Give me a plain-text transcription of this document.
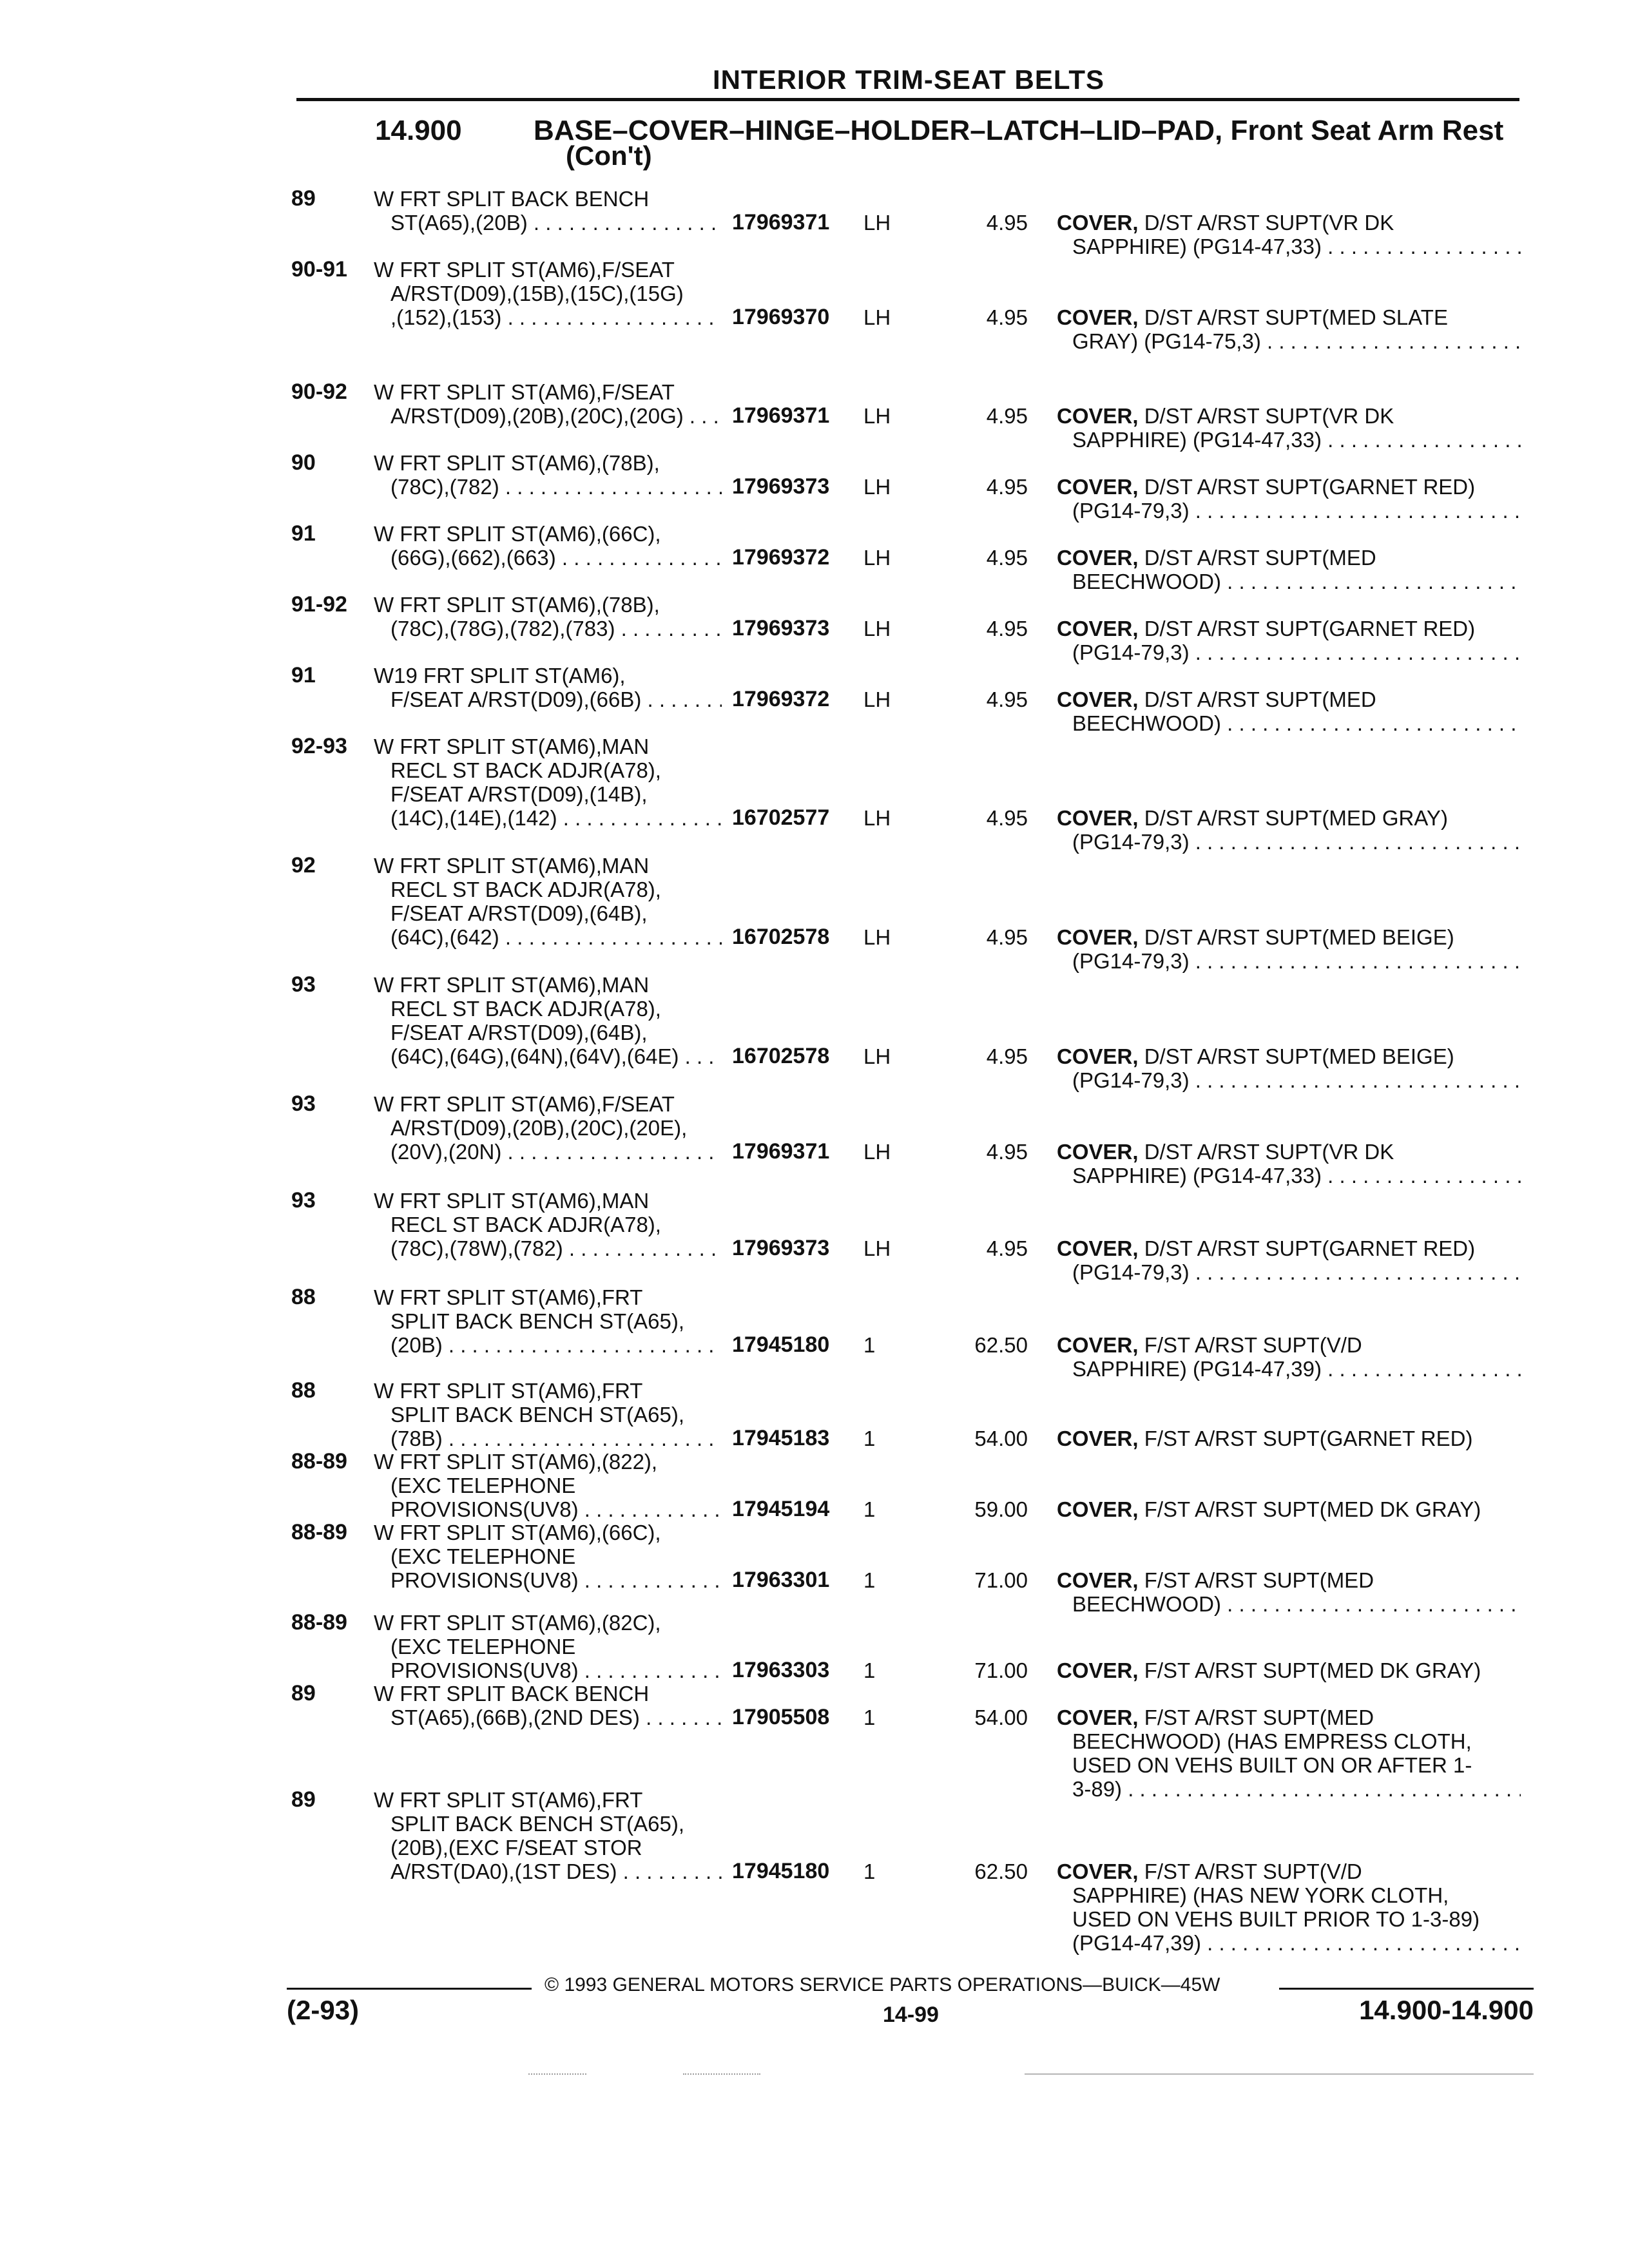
INTERIOR TRIM-SEAT BELTS
14.900	BASE–COVER–HINGE–HOLDER–LATCH–LID–PAD, Front Seat Arm Rest
(Con't)
89	W FRT SPLIT BACK BENCH
ST(A65),(20B) . . .	17969371	LH	4.95 COVER, D/ST A/RST SUPT(VR DK
SAPPHIRE) (PG14-47,33) . . .
90-91	W FRT SPLIT ST(AM6),F/SEAT
A/RST(D09),(15B),(15C),(15G)
,(152),(153) . . .	17969370	LH	4.95 COVER, D/ST A/RST SUPT(MED SLATE
GRAY) (PG14-75,3) . . .
90-92	W FRT SPLIT ST(AM6),F/SEAT
A/RST(D09),(20B),(20C),(20G) . . .	17969371	LH	4.95 COVER, D/ST A/RST SUPT(VR DK
SAPPHIRE) (PG14-47,33) . . .
90	W FRT SPLIT ST(AM6),(78B),
(78C),(782) . . .	17969373	LH	4.95 COVER, D/ST A/RST SUPT(GARNET RED)
(PG14-79,3) . . .
91	W FRT SPLIT ST(AM6),(66C),
(66G),(662),(663) . . .	17969372	LH	4.95 COVER, D/ST A/RST SUPT(MED
BEECHWOOD) . . .
91-92	W FRT SPLIT ST(AM6),(78B),
(78C),(78G),(782),(783) . . .	17969373	LH	4.95 COVER, D/ST A/RST SUPT(GARNET RED)
(PG14-79,3) . . .
91	W19 FRT SPLIT ST(AM6),
F/SEAT A/RST(D09),(66B) . . .	17969372	LH	4.95 COVER, D/ST A/RST SUPT(MED
BEECHWOOD) . . .
92-93	W FRT SPLIT ST(AM6),MAN
RECL ST BACK ADJR(A78),
F/SEAT A/RST(D09),(14B),
(14C),(14E),(142) . . .	16702577	LH	4.95 COVER, D/ST A/RST SUPT(MED GRAY)
(PG14-79,3) . . .
92	W FRT SPLIT ST(AM6),MAN
RECL ST BACK ADJR(A78),
F/SEAT A/RST(D09),(64B),
(64C),(642) . . .	16702578	LH	4.95 COVER, D/ST A/RST SUPT(MED BEIGE)
(PG14-79,3) . . .
93	W FRT SPLIT ST(AM6),MAN
RECL ST BACK ADJR(A78),
F/SEAT A/RST(D09),(64B),
(64C),(64G),(64N),(64V),(64E) . . .	16702578	LH	4.95 COVER, D/ST A/RST SUPT(MED BEIGE)
(PG14-79,3) . . .
93	W FRT SPLIT ST(AM6),F/SEAT
A/RST(D09),(20B),(20C),(20E),
(20V),(20N) . . .	17969371	LH	4.95 COVER, D/ST A/RST SUPT(VR DK
SAPPHIRE) (PG14-47,33) . . .
93	W FRT SPLIT ST(AM6),MAN
RECL ST BACK ADJR(A78),
(78C),(78W),(782) . . .	17969373	LH	4.95 COVER, D/ST A/RST SUPT(GARNET RED)
(PG14-79,3) . . .
88	W FRT SPLIT ST(AM6),FRT
SPLIT BACK BENCH ST(A65),
(20B) . . .	17945180	1	62.50 COVER, F/ST A/RST SUPT(V/D
SAPPHIRE) (PG14-47,39) . . .
88	W FRT SPLIT ST(AM6),FRT
SPLIT BACK BENCH ST(A65),
(78B) . . .	17945183	1	54.00 COVER, F/ST A/RST SUPT(GARNET RED)
88-89	W FRT SPLIT ST(AM6),(822),
(EXC TELEPHONE
PROVISIONS(UV8) . . .	17945194	1	59.00 COVER, F/ST A/RST SUPT(MED DK GRAY)
88-89	W FRT SPLIT ST(AM6),(66C),
(EXC TELEPHONE
PROVISIONS(UV8) . . .	17963301	1	71.00 COVER, F/ST A/RST SUPT(MED
BEECHWOOD) . . .
88-89	W FRT SPLIT ST(AM6),(82C),
(EXC TELEPHONE
PROVISIONS(UV8) . . .	17963303	1	71.00 COVER, F/ST A/RST SUPT(MED DK GRAY)
89	W FRT SPLIT BACK BENCH
ST(A65),(66B),(2ND DES) . . .	17905508	1	54.00 COVER, F/ST A/RST SUPT(MED
BEECHWOOD) (HAS EMPRESS CLOTH,
USED ON VEHS BUILT ON OR AFTER 1-
3-89) . . .
89	W FRT SPLIT ST(AM6),FRT
SPLIT BACK BENCH ST(A65),
(20B),(EXC F/SEAT STOR
A/RST(DA0),(1ST DES) . . .	17945180	1	62.50 COVER, F/ST A/RST SUPT(V/D
SAPPHIRE) (HAS NEW YORK CLOTH,
USED ON VEHS BUILT PRIOR TO 1-3-89)
(PG14-47,39) . . .
© 1993 GENERAL MOTORS SERVICE PARTS OPERATIONS—BUICK—45W
(2-93)	14-99	14.900-14.900
